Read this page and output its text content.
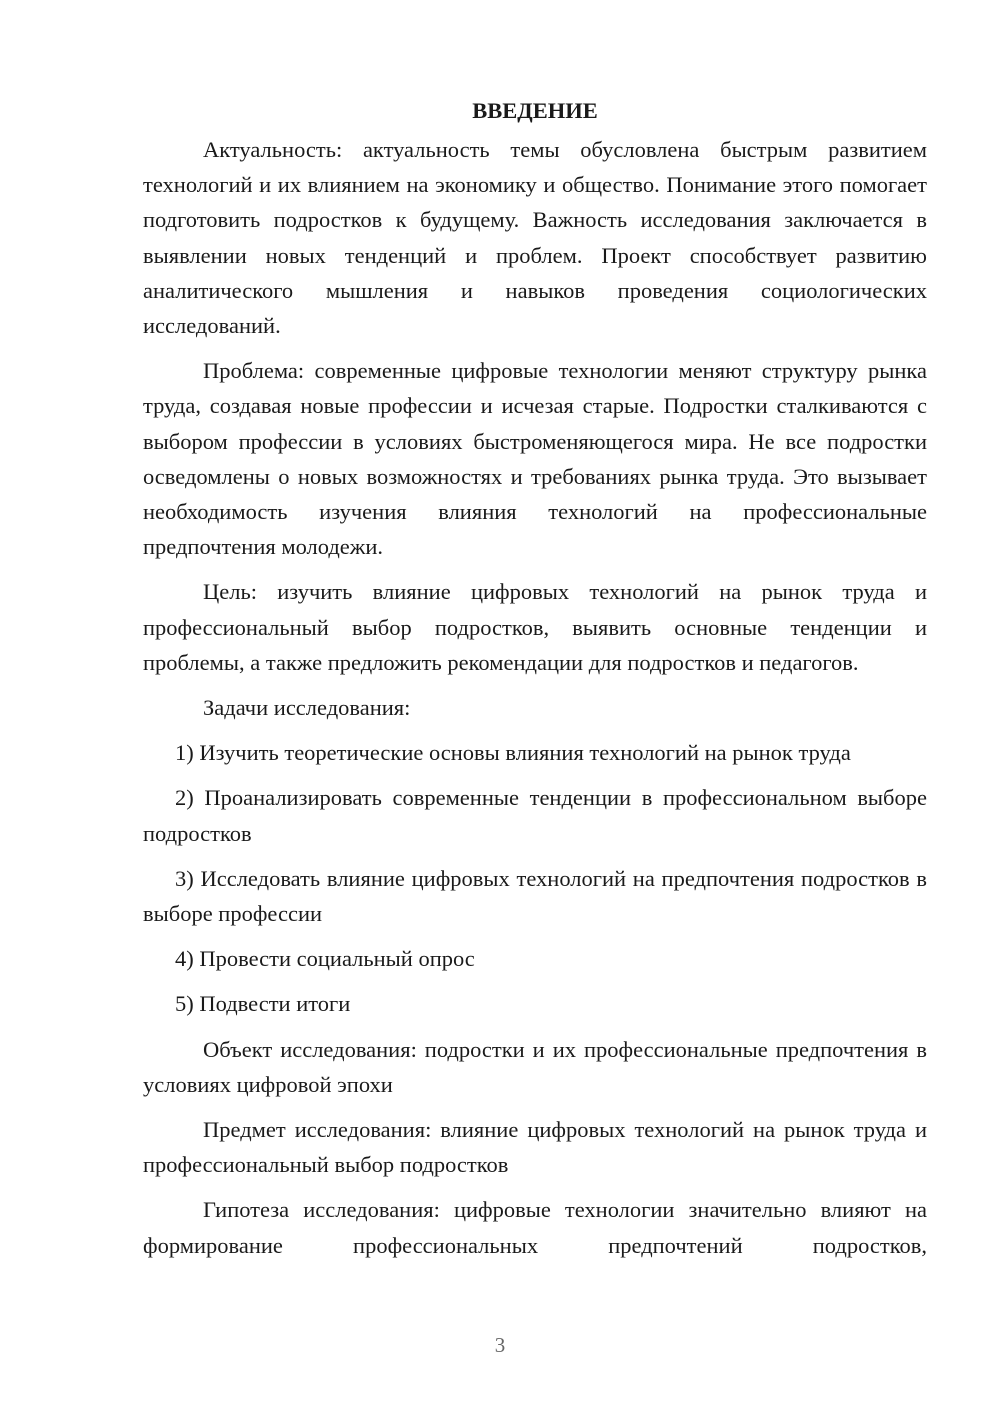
ВВЕДЕНИЕ

Актуальность: актуальность темы обусловлена быстрым развитием технологий и их влиянием на экономику и общество. Понимание этого помогает подготовить подростков к будущему. Важность исследования заключается в выявлении новых тенденций и проблем. Проект способствует развитию аналитического мышления и навыков проведения социологических исследований.

Проблема: современные цифровые технологии меняют структуру рынка труда, создавая новые профессии и исчезая старые. Подростки сталкиваются с выбором профессии в условиях быстроменяющегося мира. Не все подростки осведомлены о новых возможностях и требованиях рынка труда. Это вызывает необходимость изучения влияния технологий на профессиональные предпочтения молодежи.

Цель: изучить влияние цифровых технологий на рынок труда и профессиональный выбор подростков, выявить основные тенденции и проблемы, а также предложить рекомендации для подростков и педагогов.

Задачи исследования:

1) Изучить теоретические основы влияния технологий на рынок труда

2) Проанализировать современные тенденции в профессиональном выборе подростков

3) Исследовать влияние цифровых технологий на предпочтения подростков в выборе профессии

4) Провести социальный опрос

5) Подвести итоги

Объект исследования: подростки и их профессиональные предпочтения в условиях цифровой эпохи

Предмет исследования: влияние цифровых технологий на рынок труда и профессиональный выбор подростков

Гипотеза исследования: цифровые технологии значительно влияют на формирование профессиональных предпочтений подростков,

3
